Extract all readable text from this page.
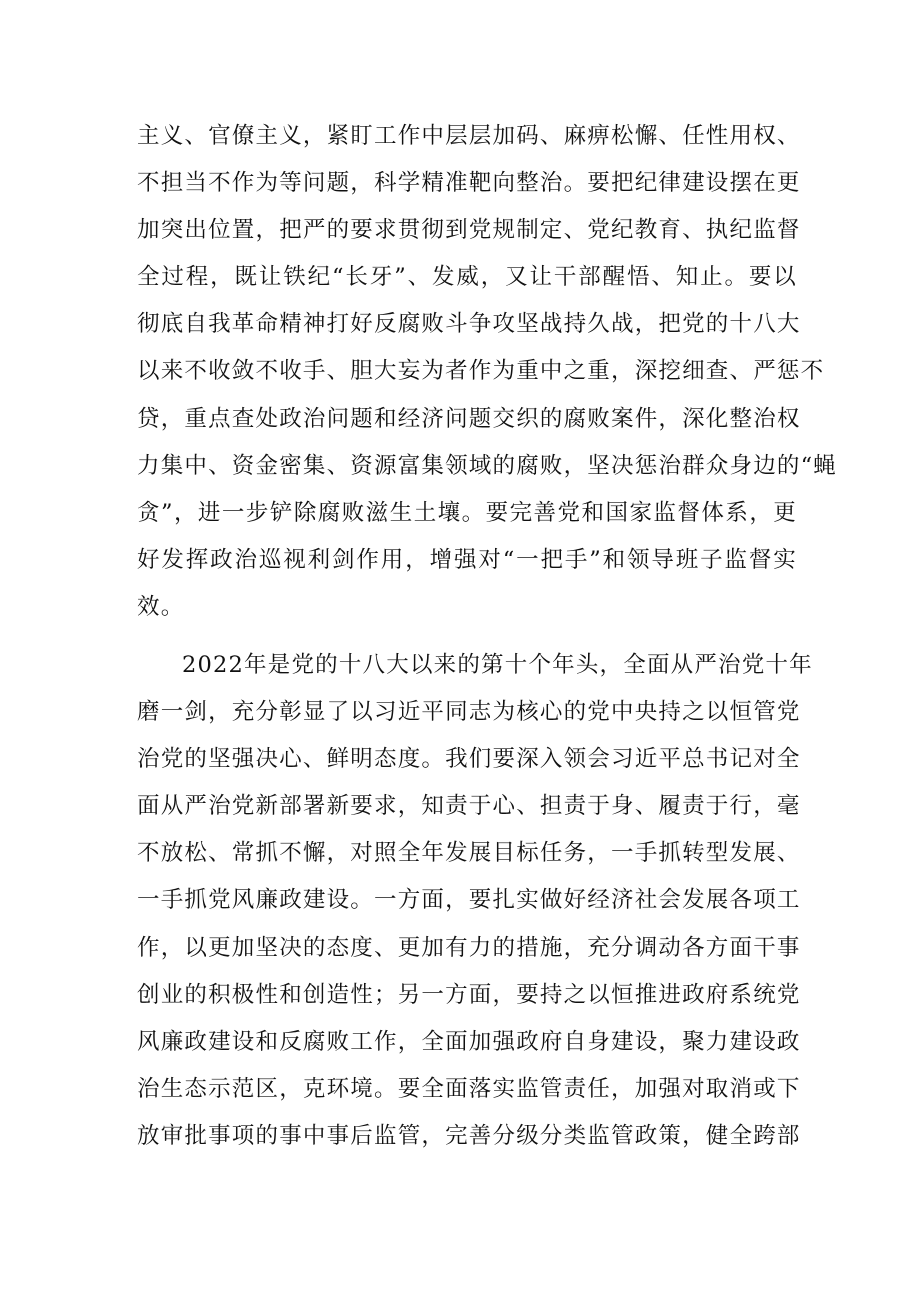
主义、官僚主义，紧盯工作中层层加码、麻痹松懈、任性用权、
不担当不作为等问题，科学精准靶向整治。要把纪律建设摆在更
加突出位置，把严的要求贯彻到党规制定、党纪教育、执纪监督
全过程，既让铁纪“长牙”、发威，又让干部醒悟、知止。要以
彻底自我革命精神打好反腐败斗争攻坚战持久战，把党的十八大
以来不收敛不收手、胆大妄为者作为重中之重，深挖细查、严惩不
贷，重点查处政治问题和经济问题交织的腐败案件，深化整治权
力集中、资金密集、资源富集领域的腐败，坚决惩治群众身边的“蝇
贪”，进一步铲除腐败滋生土壤。要完善党和国家监督体系，更
好发挥政治巡视利剑作用，增强对“一把手”和领导班子监督实
效。
2022年是党的十八大以来的第十个年头，全面从严治党十年
磨一剑，充分彰显了以习近平同志为核心的党中央持之以恒管党
治党的坚强决心、鲜明态度。我们要深入领会习近平总书记对全
面从严治党新部署新要求，知责于心、担责于身、履责于行，毫
不放松、常抓不懈，对照全年发展目标任务，一手抓转型发展、
一手抓党风廉政建设。一方面，要扎实做好经济社会发展各项工
作，以更加坚决的态度、更加有力的措施，充分调动各方面干事
创业的积极性和创造性；另一方面，要持之以恒推进政府系统党
风廉政建设和反腐败工作，全面加强政府自身建设，聚力建设政
治生态示范区，克环境。要全面落实监管责任，加强对取消或下
放审批事项的事中事后监管，完善分级分类监管政策，健全跨部
